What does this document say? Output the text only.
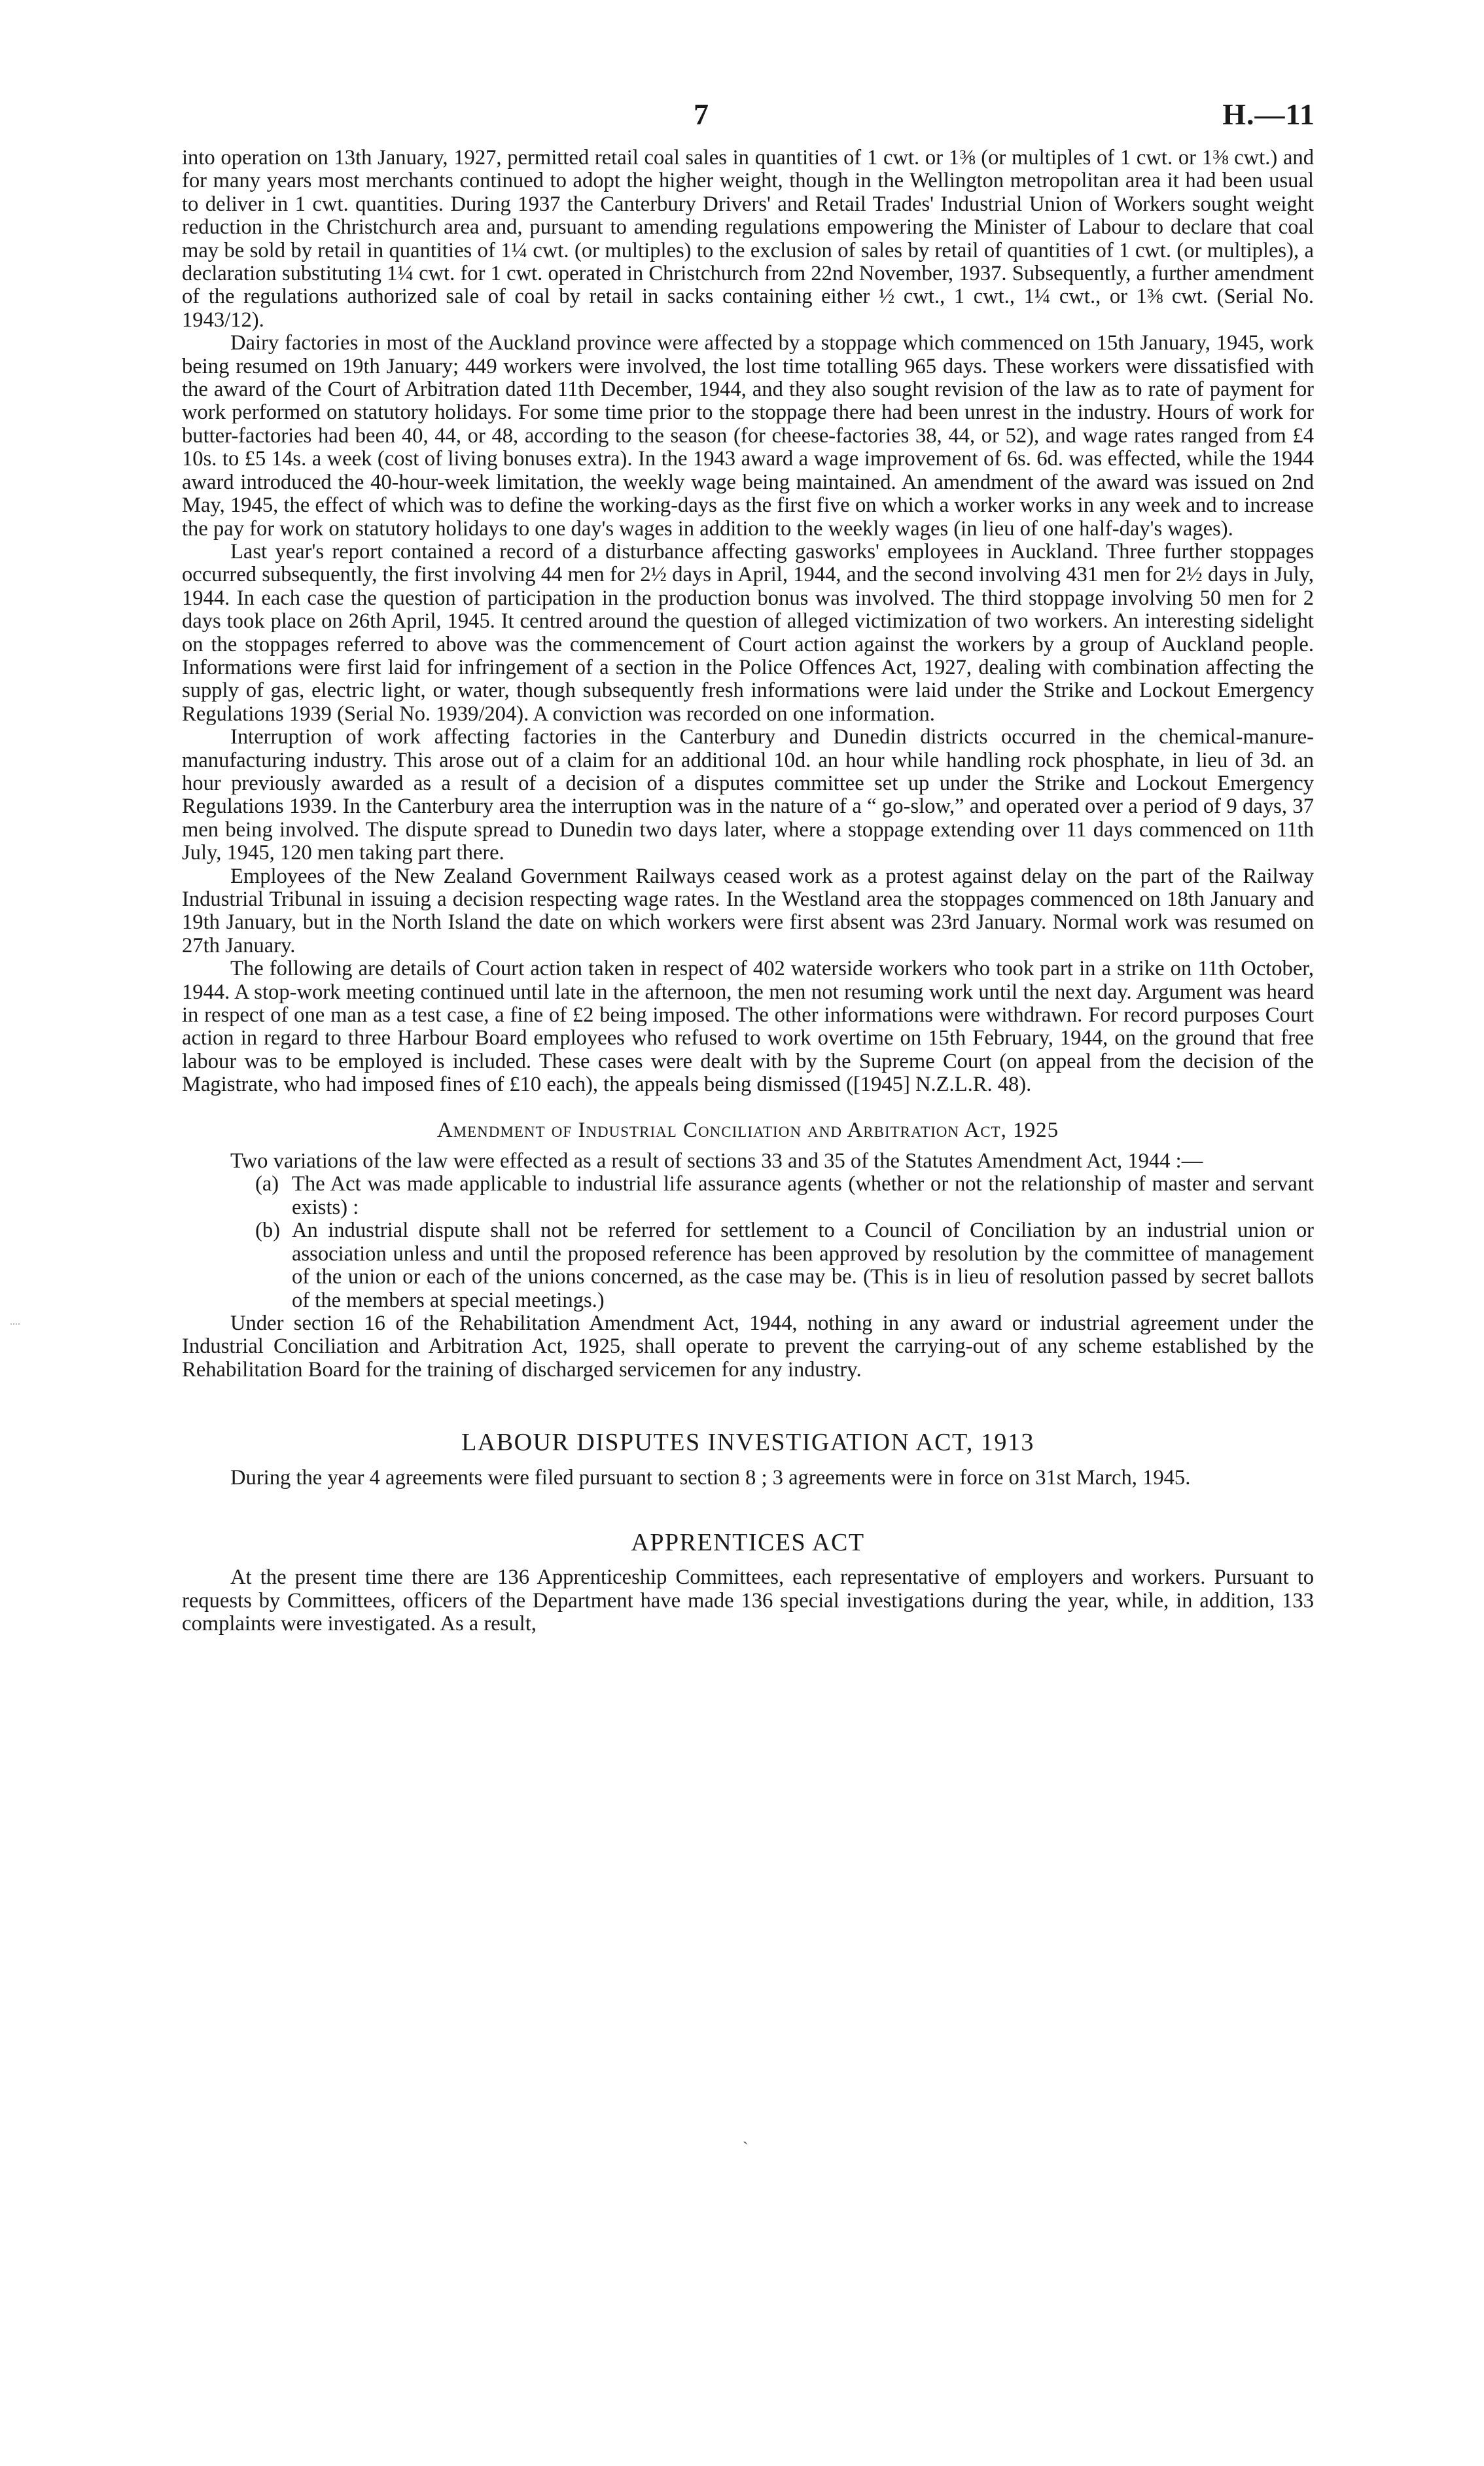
7	H.—11

into operation on 13th January, 1927, permitted retail coal sales in quantities of 1 cwt. or 1⅜ (or multiples of 1 cwt. or 1⅜ cwt.) and for many years most merchants continued to adopt the higher weight, though in the Wellington metropolitan area it had been usual to deliver in 1 cwt. quantities. During 1937 the Canterbury Drivers' and Retail Trades' Industrial Union of Workers sought weight reduction in the Christchurch area and, pursuant to amending regulations empowering the Minister of Labour to declare that coal may be sold by retail in quantities of 1¼ cwt. (or multiples) to the exclusion of sales by retail of quantities of 1 cwt. (or multiples), a declaration substituting 1¼ cwt. for 1 cwt. operated in Christchurch from 22nd November, 1937. Subsequently, a further amendment of the regulations authorized sale of coal by retail in sacks containing either ½ cwt., 1 cwt., 1¼ cwt., or 1⅜ cwt. (Serial No. 1943/12).

Dairy factories in most of the Auckland province were affected by a stoppage which commenced on 15th January, 1945, work being resumed on 19th January; 449 workers were involved, the lost time totalling 965 days. These workers were dissatisfied with the award of the Court of Arbitration dated 11th December, 1944, and they also sought revision of the law as to rate of payment for work performed on statutory holidays. For some time prior to the stoppage there had been unrest in the industry. Hours of work for butter-factories had been 40, 44, or 48, according to the season (for cheese-factories 38, 44, or 52), and wage rates ranged from £4 10s. to £5 14s. a week (cost of living bonuses extra). In the 1943 award a wage improvement of 6s. 6d. was effected, while the 1944 award introduced the 40-hour-week limitation, the weekly wage being maintained. An amendment of the award was issued on 2nd May, 1945, the effect of which was to define the working-days as the first five on which a worker works in any week and to increase the pay for work on statutory holidays to one day's wages in addition to the weekly wages (in lieu of one half-day's wages).

Last year's report contained a record of a disturbance affecting gasworks' employees in Auckland. Three further stoppages occurred subsequently, the first involving 44 men for 2½ days in April, 1944, and the second involving 431 men for 2½ days in July, 1944. In each case the question of participation in the production bonus was involved. The third stoppage involving 50 men for 2 days took place on 26th April, 1945. It centred around the question of alleged victimization of two workers. An interesting sidelight on the stoppages referred to above was the commencement of Court action against the workers by a group of Auckland people. Informations were first laid for infringement of a section in the Police Offences Act, 1927, dealing with combination affecting the supply of gas, electric light, or water, though subsequently fresh informations were laid under the Strike and Lockout Emergency Regulations 1939 (Serial No. 1939/204). A conviction was recorded on one information.

Interruption of work affecting factories in the Canterbury and Dunedin districts occurred in the chemical-manure-manufacturing industry. This arose out of a claim for an additional 10d. an hour while handling rock phosphate, in lieu of 3d. an hour previously awarded as a result of a decision of a disputes committee set up under the Strike and Lockout Emergency Regulations 1939. In the Canterbury area the interruption was in the nature of a “ go-slow,” and operated over a period of 9 days, 37 men being involved. The dispute spread to Dunedin two days later, where a stoppage extending over 11 days commenced on 11th July, 1945, 120 men taking part there.

Employees of the New Zealand Government Railways ceased work as a protest against delay on the part of the Railway Industrial Tribunal in issuing a decision respecting wage rates. In the Westland area the stoppages commenced on 18th January and 19th January, but in the North Island the date on which workers were first absent was 23rd January. Normal work was resumed on 27th January.

The following are details of Court action taken in respect of 402 waterside workers who took part in a strike on 11th October, 1944. A stop-work meeting continued until late in the afternoon, the men not resuming work until the next day. Argument was heard in respect of one man as a test case, a fine of £2 being imposed. The other informations were withdrawn. For record purposes Court action in regard to three Harbour Board employees who refused to work overtime on 15th February, 1944, on the ground that free labour was to be employed is included. These cases were dealt with by the Supreme Court (on appeal from the decision of the Magistrate, who had imposed fines of £10 each), the appeals being dismissed ([1945] N.Z.L.R. 48).

Amendment of Industrial Conciliation and Arbitration Act, 1925

Two variations of the law were effected as a result of sections 33 and 35 of the Statutes Amendment Act, 1944 :—

(a) The Act was made applicable to industrial life assurance agents (whether or not the relationship of master and servant exists) :
(b) An industrial dispute shall not be referred for settlement to a Council of Conciliation by an industrial union or association unless and until the proposed reference has been approved by resolution by the committee of management of the union or each of the unions concerned, as the case may be. (This is in lieu of resolution passed by secret ballots of the members at special meetings.)

Under section 16 of the Rehabilitation Amendment Act, 1944, nothing in any award or industrial agreement under the Industrial Conciliation and Arbitration Act, 1925, shall operate to prevent the carrying-out of any scheme established by the Rehabilitation Board for the training of discharged servicemen for any industry.

LABOUR DISPUTES INVESTIGATION ACT, 1913

During the year 4 agreements were filed pursuant to section 8 ; 3 agreements were in force on 31st March, 1945.

APPRENTICES ACT

At the present time there are 136 Apprenticeship Committees, each representative of employers and workers. Pursuant to requests by Committees, officers of the Department have made 136 special investigations during the year, while, in addition, 133 complaints were investigated. As a result,

ˋ
